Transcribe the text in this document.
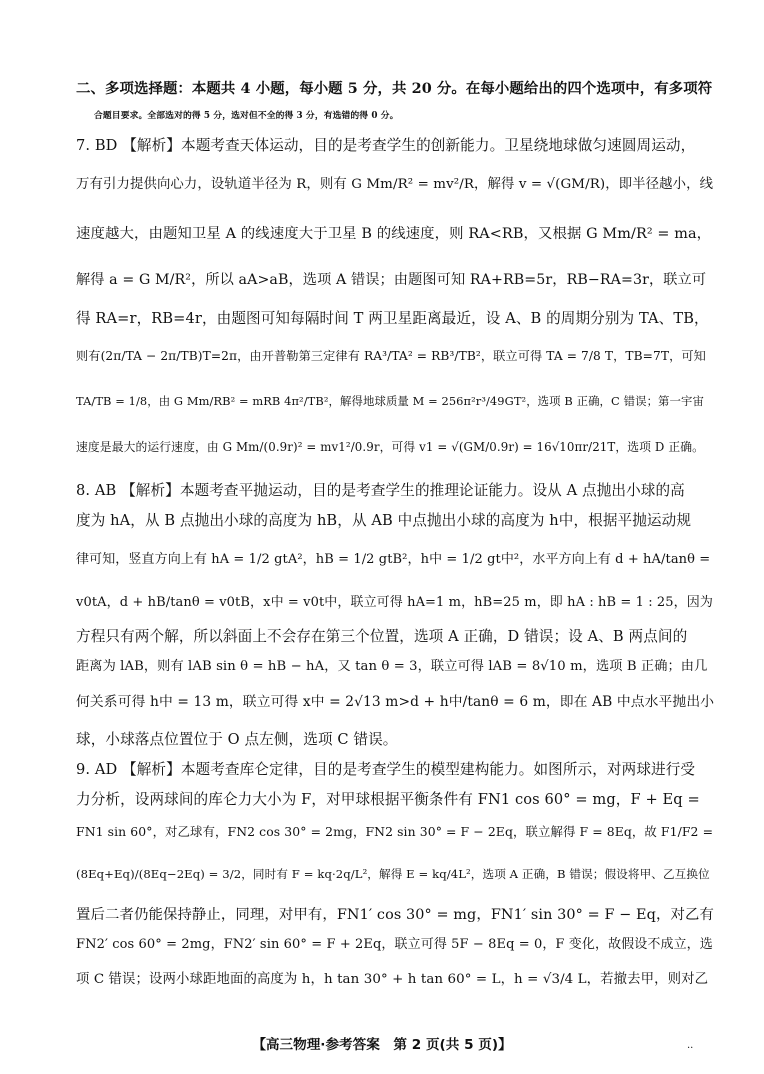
二、多项选择题：本题共 4 小题，每小题 5 分，共 20 分。在每小题给出的四个选项中，有多项符
合题目要求。全部选对的得 5 分，选对但不全的得 3 分，有选错的得 0 分。
7. BD 【解析】本题考查天体运动，目的是考查学生的创新能力。卫星绕地球做匀速圆周运动，
万有引力提供向心力，设轨道半径为 R，则有 G Mm/R² = mv²/R，解得 v = √(GM/R)，即半径越小，线
速度越大，由题知卫星 A 的线速度大于卫星 B 的线速度，则 RA<RB，又根据 G Mm/R² = ma，
解得 a = G M/R²，所以 aA>aB，选项 A 错误；由题图可知 RA+RB=5r，RB−RA=3r，联立可
得 RA=r，RB=4r，由题图可知每隔时间 T 两卫星距离最近，设 A、B 的周期分别为 TA、TB，
则有(2π/TA − 2π/TB)T=2π，由开普勒第三定律有 RA³/TA² = RB³/TB²，联立可得 TA = 7/8 T，TB=7T，可知
TA/TB = 1/8，由 G Mm/RB² = mRB 4π²/TB²，解得地球质量 M = 256π²r³/49GT²，选项 B 正确，C 错误；第一宇宙
速度是最大的运行速度，由 G Mm/(0.9r)² = mv1²/0.9r，可得 v1 = √(GM/0.9r) = 16√10πr/21T，选项 D 正确。
8. AB 【解析】本题考查平抛运动，目的是考查学生的推理论证能力。设从 A 点抛出小球的高
度为 hA，从 B 点抛出小球的高度为 hB，从 AB 中点抛出小球的高度为 h中，根据平抛运动规
律可知，竖直方向上有 hA = 1/2 gtA²，hB = 1/2 gtB²，h中 = 1/2 gt中²，水平方向上有 d + hA/tanθ =
v0tA，d + hB/tanθ = v0tB，x中 = v0t中，联立可得 hA=1 m，hB=25 m，即 hA : hB = 1 : 25，因为
方程只有两个解，所以斜面上不会存在第三个位置，选项 A 正确，D 错误；设 A、B 两点间的
距离为 lAB，则有 lAB sin θ = hB − hA，又 tan θ = 3，联立可得 lAB = 8√10 m，选项 B 正确；由几
何关系可得 h中 = 13 m，联立可得 x中 = 2√13 m>d + h中/tanθ = 6 m，即在 AB 中点水平抛出小
球，小球落点位置位于 O 点左侧，选项 C 错误。
9. AD 【解析】本题考查库仑定律，目的是考查学生的模型建构能力。如图所示，对两球进行受
力分析，设两球间的库仑力大小为 F，对甲球根据平衡条件有 FN1 cos 60° = mg，F + Eq =
FN1 sin 60°，对乙球有，FN2 cos 30° = 2mg，FN2 sin 30° = F − 2Eq，联立解得 F = 8Eq，故 F1/F2 =
(8Eq+Eq)/(8Eq−2Eq) = 3/2，同时有 F = kq·2q/L²，解得 E = kq/4L²，选项 A 正确，B 错误；假设将甲、乙互换位
置后二者仍能保持静止，同理，对甲有，FN1′ cos 30° = mg，FN1′ sin 30° = F − Eq，对乙有
FN2′ cos 60° = 2mg，FN2′ sin 60° = F + 2Eq，联立可得 5F − 8Eq = 0，F 变化，故假设不成立，选
项 C 错误；设两小球距地面的高度为 h，h tan 30° + h tan 60° = L，h = √3/4 L，若撤去甲，则对乙
【高三物理·参考答案　第 2 页(共 5 页)】	..
